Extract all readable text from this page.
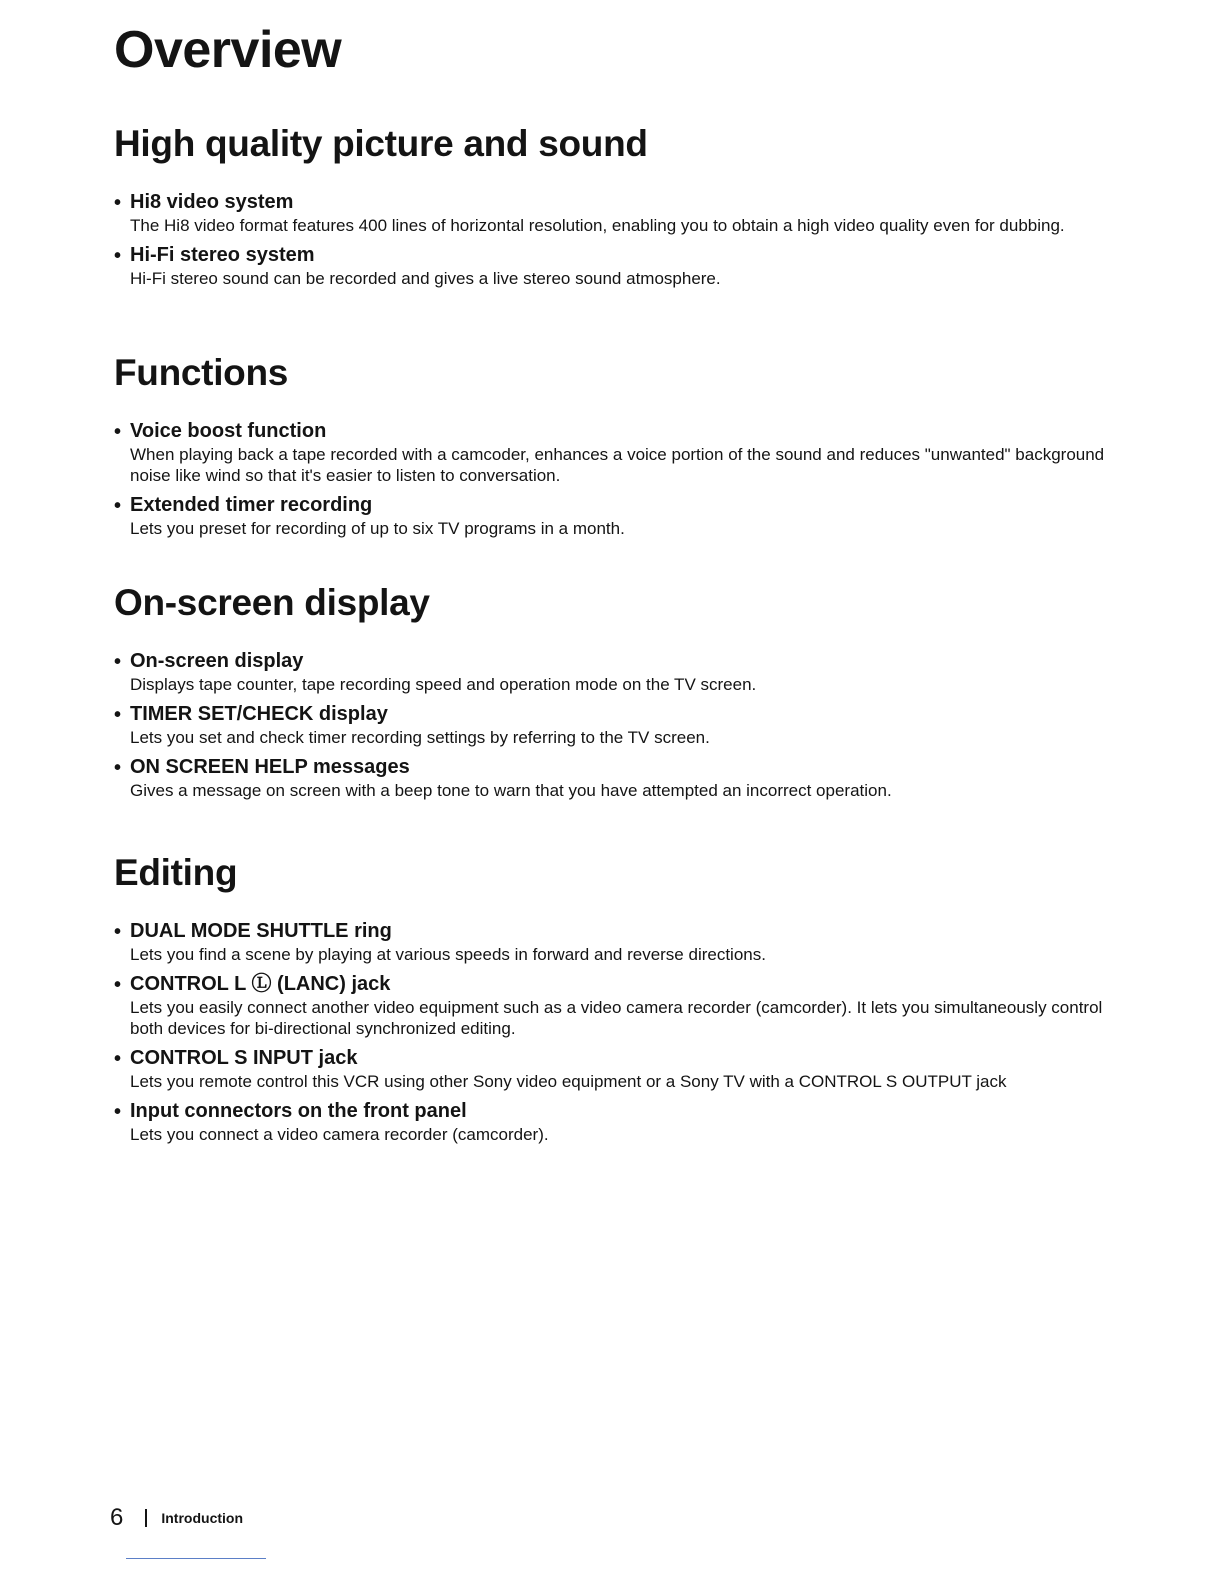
Overview
High quality picture and sound
• Hi8 video system
The Hi8 video format features 400 lines of horizontal resolution, enabling you to obtain a high video quality even for dubbing.
• Hi-Fi stereo system
Hi-Fi stereo sound can be recorded and gives a live stereo sound atmosphere.
Functions
• Voice boost function
When playing back a tape recorded with a camcoder, enhances a voice portion of the sound and reduces "unwanted" background noise like wind so that it's easier to listen to conversation.
• Extended timer recording
Lets you preset for recording of up to six TV programs in a month.
On-screen display
• On-screen display
Displays tape counter, tape recording speed and operation mode on the TV screen.
• TIMER SET/CHECK display
Lets you set and check timer recording settings by referring to the TV screen.
• ON SCREEN HELP messages
Gives a message on screen with a beep tone to warn that you have attempted an incorrect operation.
Editing
• DUAL MODE SHUTTLE ring
Lets you find a scene by playing at various speeds in forward and reverse directions.
• CONTROL L Ⓛ (LANC) jack
Lets you easily connect another video equipment such as a video camera recorder (camcorder). It lets you simultaneously control both devices for bi-directional synchronized editing.
• CONTROL S INPUT jack
Lets you remote control this VCR using other Sony video equipment or a Sony TV with a CONTROL S OUTPUT jack
• Input connectors on the front panel
Lets you connect a video camera recorder (camcorder).
6	Introduction
